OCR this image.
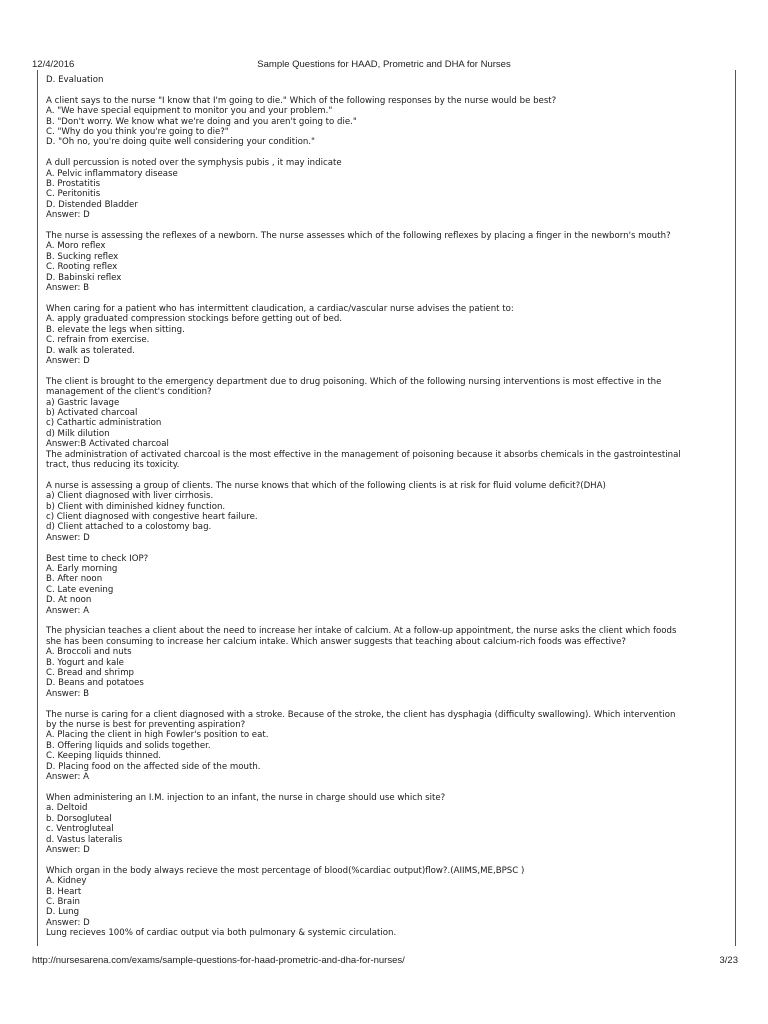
12/4/2016	Sample Questions for HAAD, Prometric and DHA for Nurses
D. Evaluation
A client says to the nurse "I know that I'm going to die." Which of the following responses by the nurse would be best?
A. "We have special equipment to monitor you and your problem."
B. "Don't worry. We know what we're doing and you aren't going to die."
C. "Why do you think you're going to die?"
D. "Oh no, you're doing quite well considering your condition."
A dull percussion is noted over the symphysis pubis , it may indicate
A. Pelvic inflammatory disease
B. Prostatitis
C. Peritonitis
D. Distended Bladder
Answer: D
The nurse is assessing the reflexes of a newborn. The nurse assesses which of the following reflexes by placing a finger in the newborn's mouth?
A. Moro reflex
B. Sucking reflex
C. Rooting reflex
D. Babinski reflex
Answer: B
When caring for a patient who has intermittent claudication, a cardiac/vascular nurse advises the patient to:
A. apply graduated compression stockings before getting out of bed.
B. elevate the legs when sitting.
C. refrain from exercise.
D. walk as tolerated.
Answer: D
The client is brought to the emergency department due to drug poisoning. Which of the following nursing interventions is most effective in the
management of the client's condition?
a) Gastric lavage
b) Activated charcoal
c) Cathartic administration
d) Milk dilution
Answer:B Activated charcoal
The administration of activated charcoal is the most effective in the management of poisoning because it absorbs chemicals in the gastrointestinal
tract, thus reducing its toxicity.
A nurse is assessing a group of clients. The nurse knows that which of the following clients is at risk for fluid volume deficit?(DHA)
a) Client diagnosed with liver cirrhosis.
b) Client with diminished kidney function.
c) Client diagnosed with congestive heart failure.
d) Client attached to a colostomy bag.
Answer: D
Best time to check IOP?
A. Early morning
B. After noon
C. Late evening
D. At noon
Answer: A
The physician teaches a client about the need to increase her intake of calcium. At a follow-up appointment, the nurse asks the client which foods
she has been consuming to increase her calcium intake. Which answer suggests that teaching about calcium-rich foods was effective?
A. Broccoli and nuts
B. Yogurt and kale
C. Bread and shrimp
D. Beans and potatoes
Answer: B
The nurse is caring for a client diagnosed with a stroke. Because of the stroke, the client has dysphagia (difficulty swallowing). Which intervention
by the nurse is best for preventing aspiration?
A. Placing the client in high Fowler's position to eat.
B. Offering liquids and solids together.
C. Keeping liquids thinned.
D. Placing food on the affected side of the mouth.
Answer: A
When administering an I.M. injection to an infant, the nurse in charge should use which site?
a. Deltoid
b. Dorsogluteal
c. Ventrogluteal
d. Vastus lateralis
Answer: D
Which organ in the body always recieve the most percentage of blood(%cardiac output)flow?.(AIIMS,ME,BPSC )
A. Kidney
B. Heart
C. Brain
D. Lung
Answer: D
Lung recieves 100% of cardiac output via both pulmonary & systemic circulation.
http://nursesarena.com/exams/sample-questions-for-haad-prometric-and-dha-for-nurses/	3/23
